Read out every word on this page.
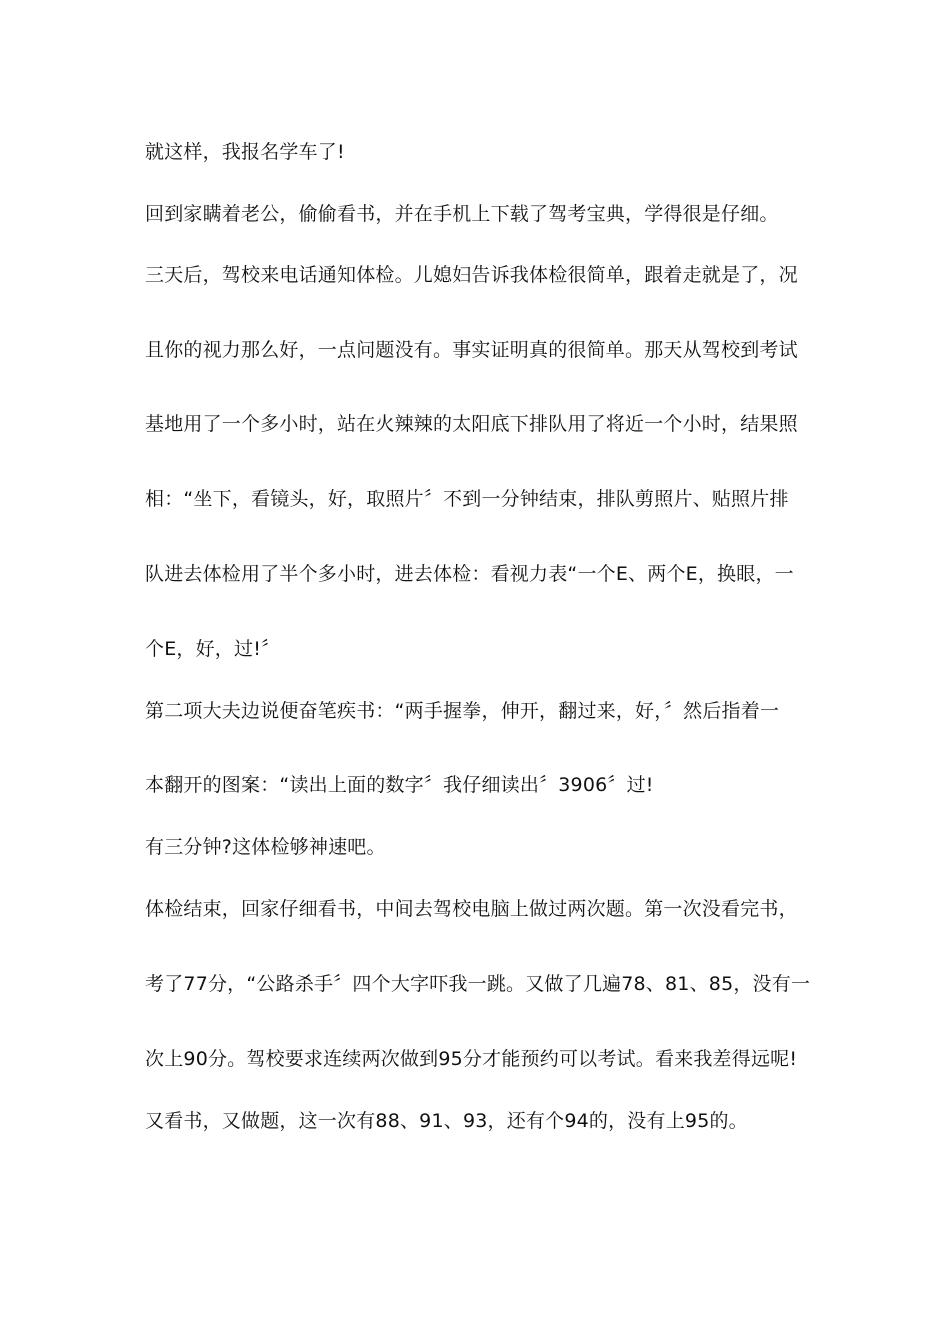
就这样，我报名学车了!
回到家瞒着老公，偷偷看书，并在手机上下载了驾考宝典，学得很是仔细。
三天后，驾校来电话通知体检。儿媳妇告诉我体检很简单，跟着走就是了，况
且你的视力那么好，一点问题没有。事实证明真的很简单。那天从驾校到考试
基地用了一个多小时，站在火辣辣的太阳底下排队用了将近一个小时，结果照
相：“坐下，看镜头，好，取照片〞不到一分钟结束，排队剪照片、贴照片排
队进去体检用了半个多小时，进去体检：看视力表“一个E、两个E，换眼，一
个E，好，过!〞
第二项大夫边说便奋笔疾书：“两手握拳，伸开，翻过来，好，〞然后指着一
本翻开的图案：“读出上面的数字〞我仔细读出〞3906〞过!
有三分钟?这体检够神速吧。
体检结束，回家仔细看书，中间去驾校电脑上做过两次题。第一次没看完书，
考了77分，“公路杀手〞四个大字吓我一跳。又做了几遍78、81、85，没有一
次上90分。驾校要求连续两次做到95分才能预约可以考试。看来我差得远呢!
又看书，又做题，这一次有88、91、93，还有个94的，没有上95的。
